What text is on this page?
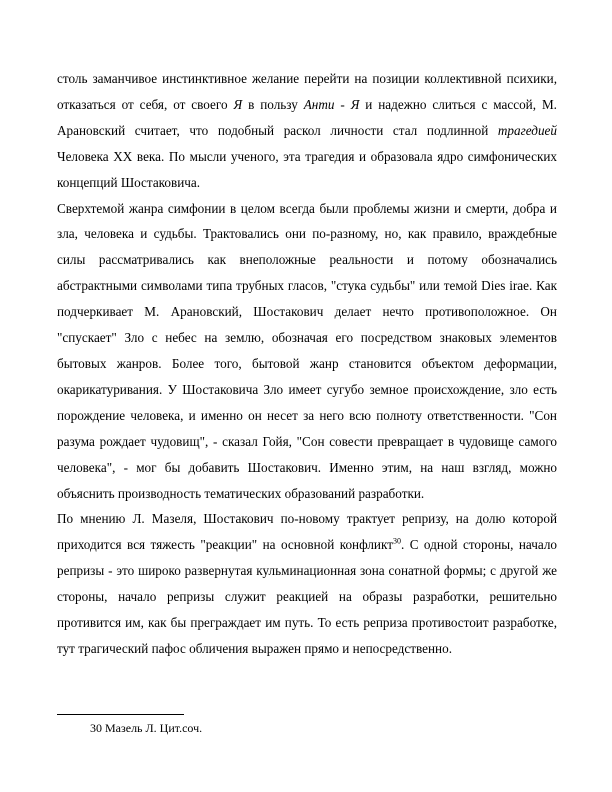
столь заманчивое инстинктивное желание перейти на позиции коллективной психики, отказаться от себя, от своего Я в пользу Анти - Я и надежно слиться с массой, М. Арановский считает, что подобный раскол личности стал подлинной трагедией Человека XX века. По мысли ученого, эта трагедия и образовала ядро симфонических концепций Шостаковича.

Сверхтемой жанра симфонии в целом всегда были проблемы жизни и смерти, добра и зла, человека и судьбы. Трактовались они по-разному, но, как правило, враждебные силы рассматривались как внеположные реальности и потому обозначались абстрактными символами типа трубных гласов, "стука судьбы" или темой Dies irae. Как подчеркивает М. Арановский, Шостакович делает нечто противоположное. Он "спускает" Зло с небес на землю, обозначая его посредством знаковых элементов бытовых жанров. Более того, бытовой жанр становится объектом деформации, окарикатуривания. У Шостаковича Зло имеет сугубо земное происхождение, зло есть порождение человека, и именно он несет за него всю полноту ответственности. "Сон разума рождает чудовищ", - сказал Гойя, "Сон совести превращает в чудовище самого человека", - мог бы добавить Шостакович. Именно этим, на наш взгляд, можно объяснить производность тематических образований разработки.

По мнению Л. Мазеля, Шостакович по-новому трактует репризу, на долю которой приходится вся тяжесть "реакции" на основной конфликт$^{30}$. С одной стороны, начало репризы - это широко развернутая кульминационная зона сонатной формы; с другой же стороны, начало репризы служит реакцией на образы разработки, решительно противится им, как бы преграждает им путь. То есть реприза противостоит разработке, тут трагический пафос обличения выражен прямо и непосредственно.

30 Мазель Л. Цит.соч.
